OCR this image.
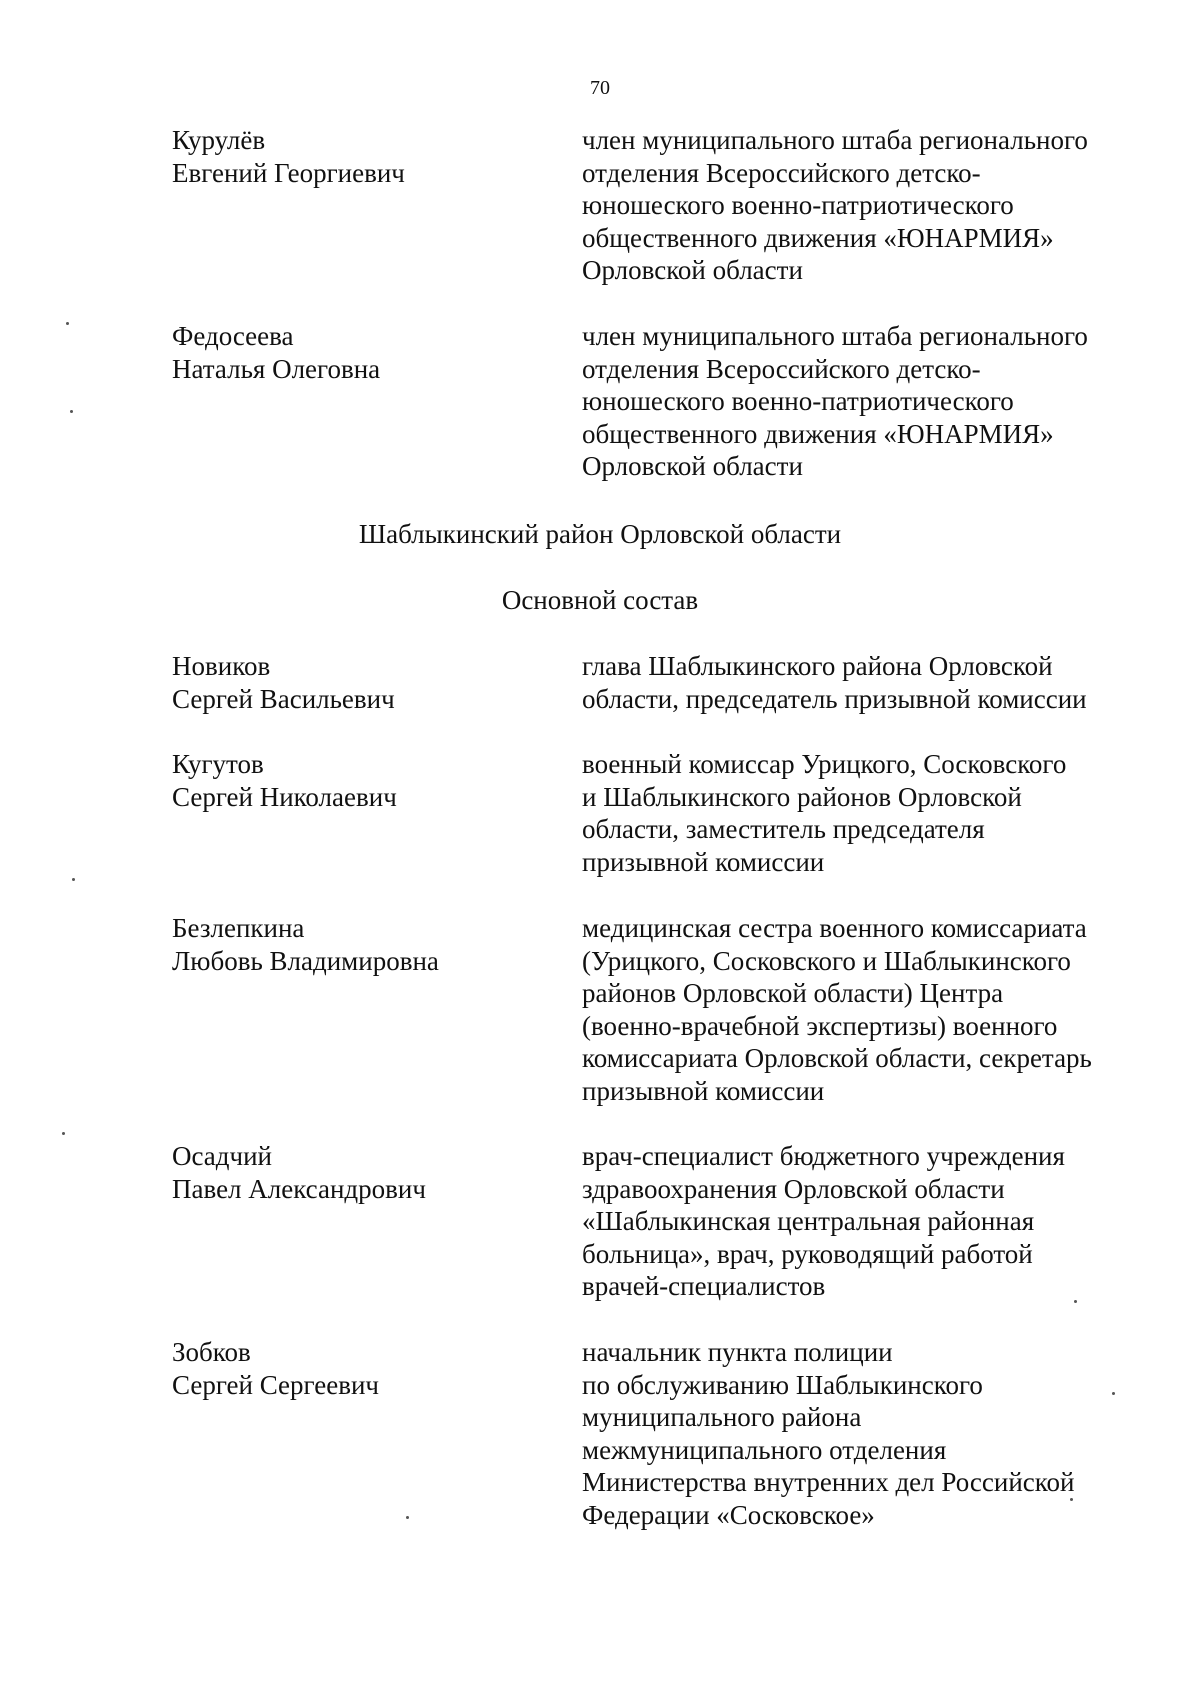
70
Курулёв
Евгений Георгиевич
член муниципального штаба регионального
отделения Всероссийского детско-
юношеского военно-патриотического
общественного движения «ЮНАРМИЯ»
Орловской области
Федосеева
Наталья Олеговна
член муниципального штаба регионального
отделения Всероссийского детско-
юношеского военно-патриотического
общественного движения «ЮНАРМИЯ»
Орловской области
Шаблыкинский район Орловской области
Основной состав
Новиков
Сергей Васильевич
глава Шаблыкинского района Орловской
области, председатель призывной комиссии
Кугутов
Сергей Николаевич
военный комиссар Урицкого, Сосковского
и Шаблыкинского районов Орловской
области, заместитель председателя
призывной комиссии
Безлепкина
Любовь Владимировна
медицинская сестра военного комиссариата
(Урицкого, Сосковского и Шаблыкинского
районов Орловской области) Центра
(военно-врачебной экспертизы) военного
комиссариата Орловской области, секретарь
призывной комиссии
Осадчий
Павел Александрович
врач-специалист бюджетного учреждения
здравоохранения Орловской области
«Шаблыкинская центральная районная
больница», врач, руководящий работой
врачей-специалистов
Зобков
Сергей Сергеевич
начальник пункта полиции
по обслуживанию Шаблыкинского
муниципального района
межмуниципального отделения
Министерства внутренних дел Российской
Федерации «Сосковское»
